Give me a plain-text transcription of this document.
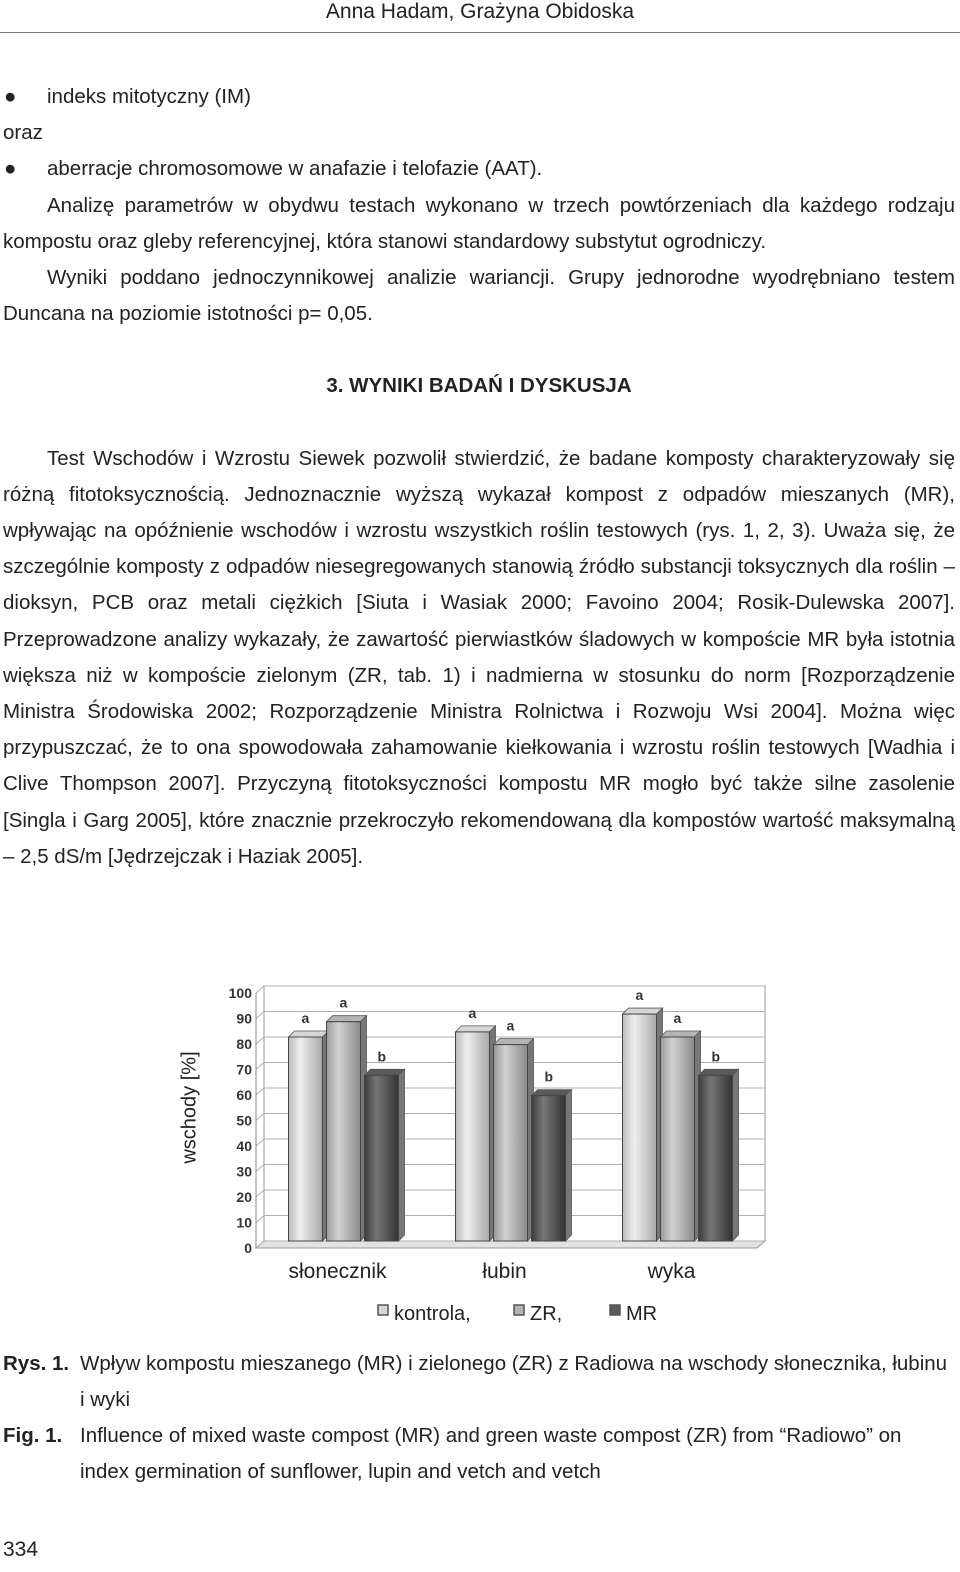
Anna Hadam, Grażyna Obidoska
● indeks mitotyczny (IM)
oraz
● aberracje chromosomowe w anafazie i telofazie (AAT).

Analizę parametrów w obydwu testach wykonano w trzech powtórzeniach dla każdego rodzaju kompostu oraz gleby referencyjnej, która stanowi standardowy substytut ogrodniczy.

Wyniki poddano jednoczynnikowej analizie wariancji. Grupy jednorodne wyodrębniano testem Duncana na poziomie istotności p= 0,05.

3. WYNIKI BADAŃ I DYSKUSJA

Test Wschodów i Wzrostu Siewek pozwolił stwierdzić, że badane komposty charakteryzowały się różną fitotoksycznością. Jednoznacznie wyższą wykazał kompost z odpadów mieszanych (MR), wpływając na opóźnienie wschodów i wzrostu wszystkich roślin testowych (rys. 1, 2, 3). Uważa się, że szczególnie komposty z odpadów niesegregowanych stanowią źródło substancji toksycznych dla roślin – dioksyn, PCB oraz metali ciężkich [Siuta i Wasiak 2000; Favoino 2004; Rosik-Dulewska 2007]. Przeprowadzone analizy wykazały, że zawartość pierwiastków śladowych w kompoście MR była istotnia większa niż w kompoście zielonym (ZR, tab. 1) i nadmierna w stosunku do norm [Rozporządzenie Ministra Środowiska 2002; Rozporządzenie Ministra Rolnictwa i Rozwoju Wsi 2004]. Można więc przypuszczać, że to ona spowodowała zahamowanie kiełkowania i wzrostu roślin testowych [Wadhia i Clive Thompson 2007]. Przyczyną fitotoksyczności kompostu MR mogło być także silne zasolenie [Singla i Garg 2005], które znacznie przekroczyło rekomendowaną dla kompostów wartość maksymalną – 2,5 dS/m [Jędrzejczak i Haziak 2005].

wschody [%]
0
10
20
30
40
50
60
70
80
90
100
a
a
b
słonecznik
a
a
b
łubin
a
a
b
wyka
kontrola,	ZR,	MR
Rys. 1. Wpływ kompostu mieszanego (MR) i zielonego (ZR) z Radiowa na wschody słonecznika, łubinu i wyki
Fig. 1. Influence of mixed waste compost (MR) and green waste compost (ZR) from “Radiowo” on index germination of sunflower, lupin and vetch and vetch
334
